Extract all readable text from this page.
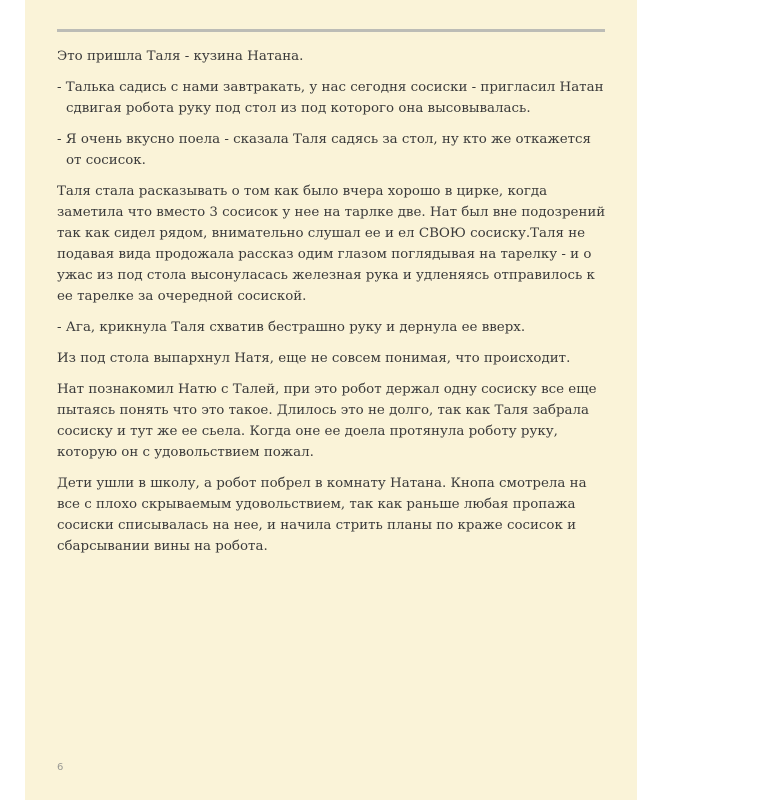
Это пришла Таля - кузина Натана.

- Талька садись с нами завтракать, у нас сегодня сосиски - пригласил Натан сдвигая робота руку под стол из под которого она высовывалась.

- Я очень вкусно поела - сказала Таля садясь за стол, ну кто же откажется от сосисок.

Таля стала расказывать о том как было вчера хорошо в цирке, когда заметила что вместо 3 сосисок у нее на тарлке две. Нат был вне подозрений так как сидел рядом, внимательно слушал ее и ел СВОЮ сосиску.Таля не подавая вида продожала рассказ одим глазом поглядывая на тарелку - и о ужас из под стола высонуласась железная рука и удленяясь отправилось к ее тарелке за очередной сосиской.

- Ага, крикнула Таля схватив бестрашно руку и дернула ее вверх.

Из под стола выпархнул Натя, еще не совсем понимая, что происходит.

Нат познакомил Натю с Талей, при это робот держал одну сосиску все еще пытаясь понять что это такое. Длилось это не долго, так как Таля забрала сосиску и тут же ее сьела. Когда оне ее доела протянула роботу руку, которую он с удовольствием пожал.

Дети ушли в школу, а робот побрел в комнату Натана. Кнопа смотрела на все с плохо скрываемым удовольствием, так как раньше любая пропажа сосиски списывалась на нее, и начила стрить планы по краже сосисок и сбарсывании вины на робота.

6
